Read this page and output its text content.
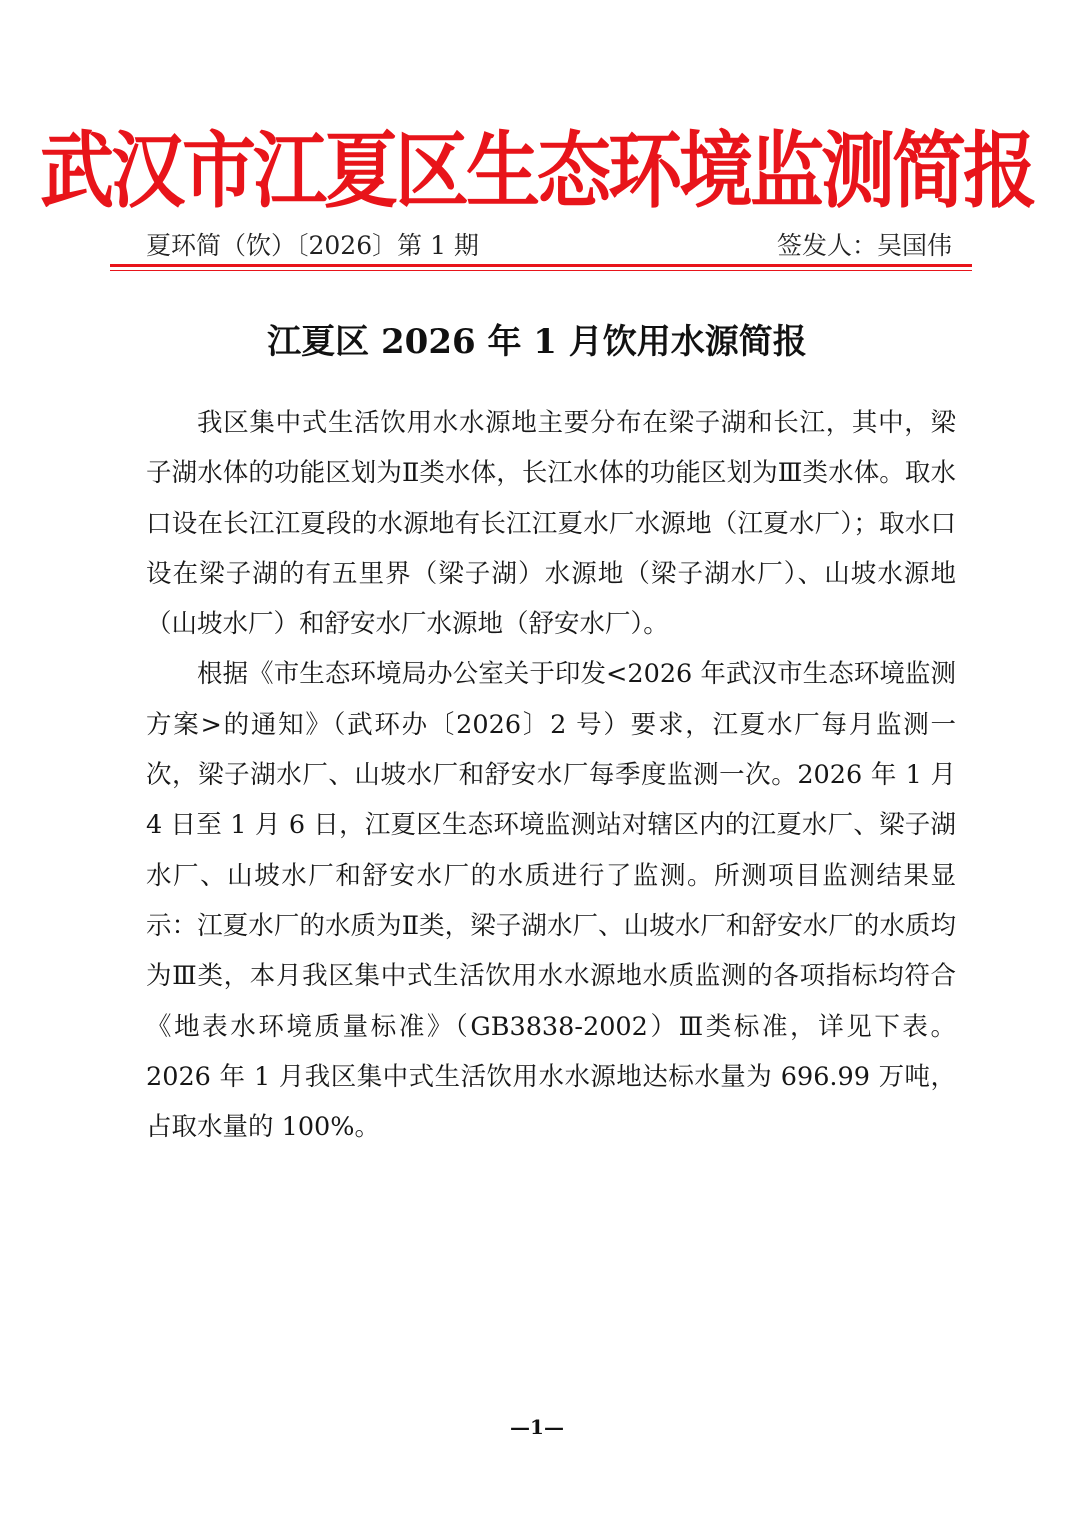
武汉市江夏区生态环境监测简报
夏环简（饮）〔2026〕第 1 期	签发人：吴国伟
江夏区 2026 年 1 月饮用水源简报

我区集中式生活饮用水水源地主要分布在梁子湖和长江，其中，梁子湖水体的功能区划为Ⅱ类水体，长江水体的功能区划为Ⅲ类水体。取水口设在长江江夏段的水源地有长江江夏水厂水源地（江夏水厂）；取水口设在梁子湖的有五里界（梁子湖）水源地（梁子湖水厂）、山坡水源地（山坡水厂）和舒安水厂水源地（舒安水厂）。

根据《市生态环境局办公室关于印发<2026 年武汉市生态环境监测方案>的通知》（武环办〔2026〕2 号）要求，江夏水厂每月监测一次，梁子湖水厂、山坡水厂和舒安水厂每季度监测一次。2026 年 1 月 4 日至 1 月 6 日，江夏区生态环境监测站对辖区内的江夏水厂、梁子湖水厂、山坡水厂和舒安水厂的水质进行了监测。所测项目监测结果显示：江夏水厂的水质为Ⅱ类，梁子湖水厂、山坡水厂和舒安水厂的水质均为Ⅲ类，本月我区集中式生活饮用水水源地水质监测的各项指标均符合《地表水环境质量标准》（GB3838-2002）Ⅲ类标准，详见下表。2026 年 1 月我区集中式生活饮用水水源地达标水量为 696.99 万吨，占取水量的 100%。

—1—
